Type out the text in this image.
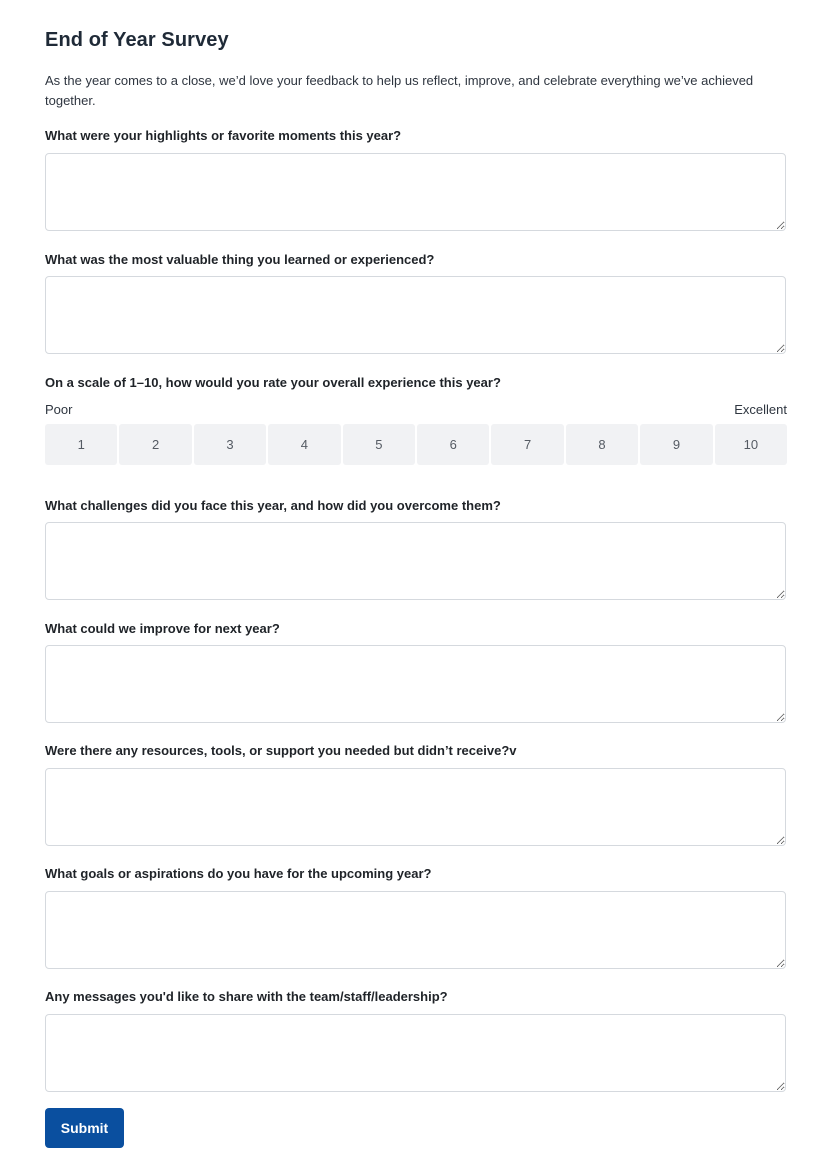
End of Year Survey

As the year comes to a close, we’d love your feedback to help us reflect, improve, and celebrate everything we’ve achieved together.

What were your highlights or favorite moments this year?

What was the most valuable thing you learned or experienced?

On a scale of 1–10, how would you rate your overall experience this year?

Poor	Excellent
1	2	3	4	5	6	7	8	9	10

What challenges did you face this year, and how did you overcome them?

What could we improve for next year?

Were there any resources, tools, or support you needed but didn’t receive?v

What goals or aspirations do you have for the upcoming year?

Any messages you'd like to share with the team/staff/leadership?

Submit
